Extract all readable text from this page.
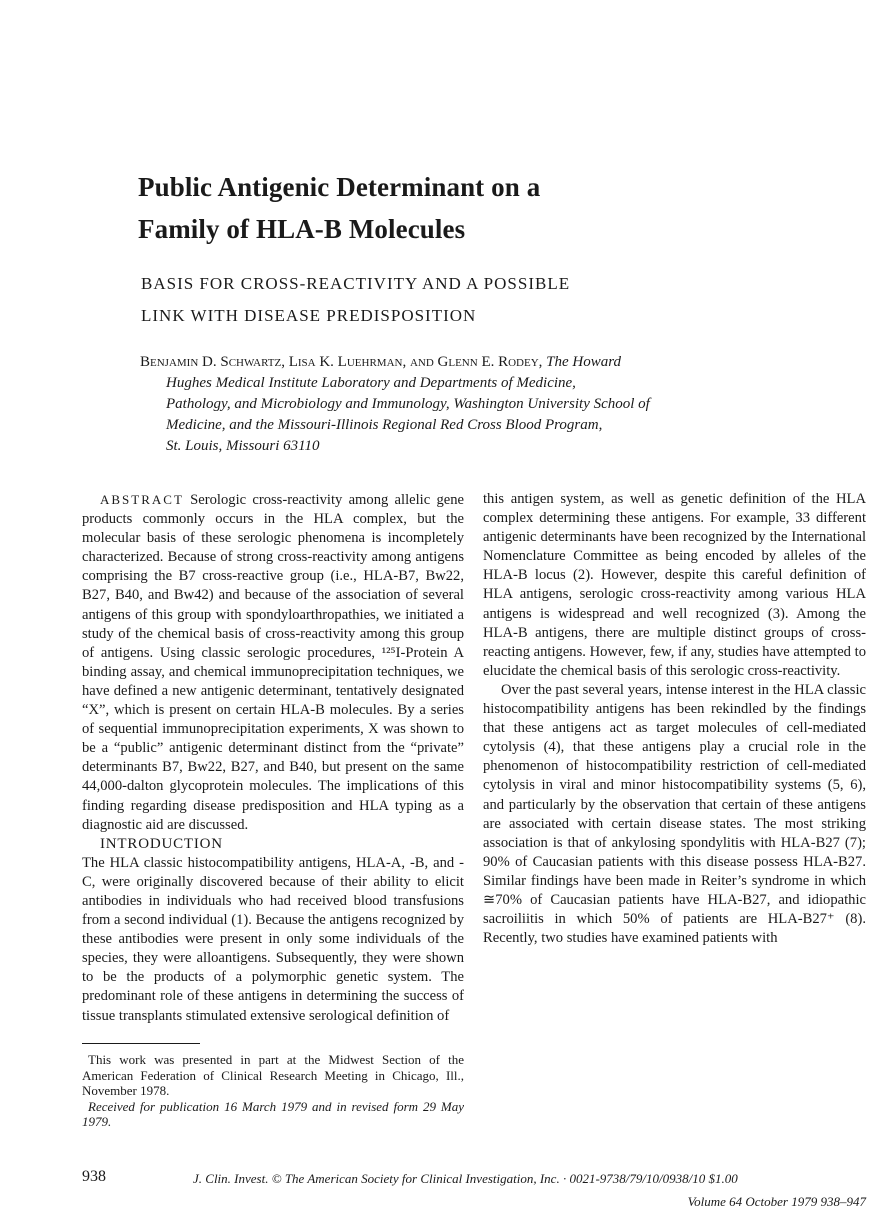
Public Antigenic Determinant on a
Family of HLA-B Molecules
BASIS FOR CROSS-REACTIVITY AND A POSSIBLE
LINK WITH DISEASE PREDISPOSITION
Benjamin D. Schwartz, Lisa K. Luehrman, and Glenn E. Rodey, The Howard
Hughes Medical Institute Laboratory and Departments of Medicine,
Pathology, and Microbiology and Immunology, Washington University School of
Medicine, and the Missouri-Illinois Regional Red Cross Blood Program,
St. Louis, Missouri 63110

ABSTRACT Serologic cross-reactivity among allelic gene products commonly occurs in the HLA complex, but the molecular basis of these serologic phenomena is incompletely characterized. Because of strong cross-reactivity among antigens comprising the B7 cross-reactive group (i.e., HLA-B7, Bw22, B27, B40, and Bw42) and because of the association of several antigens of this group with spondyloarthropathies, we initiated a study of the chemical basis of cross-reactivity among this group of antigens. Using classic serologic procedures, ¹²⁵I-Protein A binding assay, and chemical immunoprecipitation techniques, we have defined a new antigenic determinant, tentatively designated “X”, which is present on certain HLA-B molecules. By a series of sequential immunoprecipitation experiments, X was shown to be a “public” antigenic determinant distinct from the “private” determinants B7, Bw22, B27, and B40, but present on the same 44,000-dalton glycoprotein molecules. The implications of this finding regarding disease predisposition and HLA typing as a diagnostic aid are discussed.

INTRODUCTION

The HLA classic histocompatibility antigens, HLA-A, -B, and -C, were originally discovered because of their ability to elicit antibodies in individuals who had received blood transfusions from a second individual (1). Because the antigens recognized by these antibodies were present in only some individuals of the species, they were alloantigens. Subsequently, they were shown to be the products of a polymorphic genetic system. The predominant role of these antigens in determining the success of tissue transplants stimulated extensive serological definition of

this antigen system, as well as genetic definition of the HLA complex determining these antigens. For example, 33 different antigenic determinants have been recognized by the International Nomenclature Committee as being encoded by alleles of the HLA-B locus (2). However, despite this careful definition of HLA antigens, serologic cross-reactivity among various HLA antigens is widespread and well recognized (3). Among the HLA-B antigens, there are multiple distinct groups of cross-reacting antigens. However, few, if any, studies have attempted to elucidate the chemical basis of this serologic cross-reactivity.

Over the past several years, intense interest in the HLA classic histocompatibility antigens has been rekindled by the findings that these antigens act as target molecules of cell-mediated cytolysis (4), that these antigens play a crucial role in the phenomenon of histocompatibility restriction of cell-mediated cytolysis in viral and minor histocompatibility systems (5, 6), and particularly by the observation that certain of these antigens are associated with certain disease states. The most striking association is that of ankylosing spondylitis with HLA-B27 (7); 90% of Caucasian patients with this disease possess HLA-B27. Similar findings have been made in Reiter’s syndrome in which ≅70% of Caucasian patients have HLA-B27, and idiopathic sacroiliitis in which 50% of patients are HLA-B27⁺ (8). Recently, two studies have examined patients with

This work was presented in part at the Midwest Section of the American Federation of Clinical Research Meeting in Chicago, Ill., November 1978.

Received for publication 16 March 1979 and in revised form 29 May 1979.

938	J. Clin. Invest. © The American Society for Clinical Investigation, Inc. · 0021-9738/79/10/0938/10 $1.00
Volume 64 October 1979 938–947
